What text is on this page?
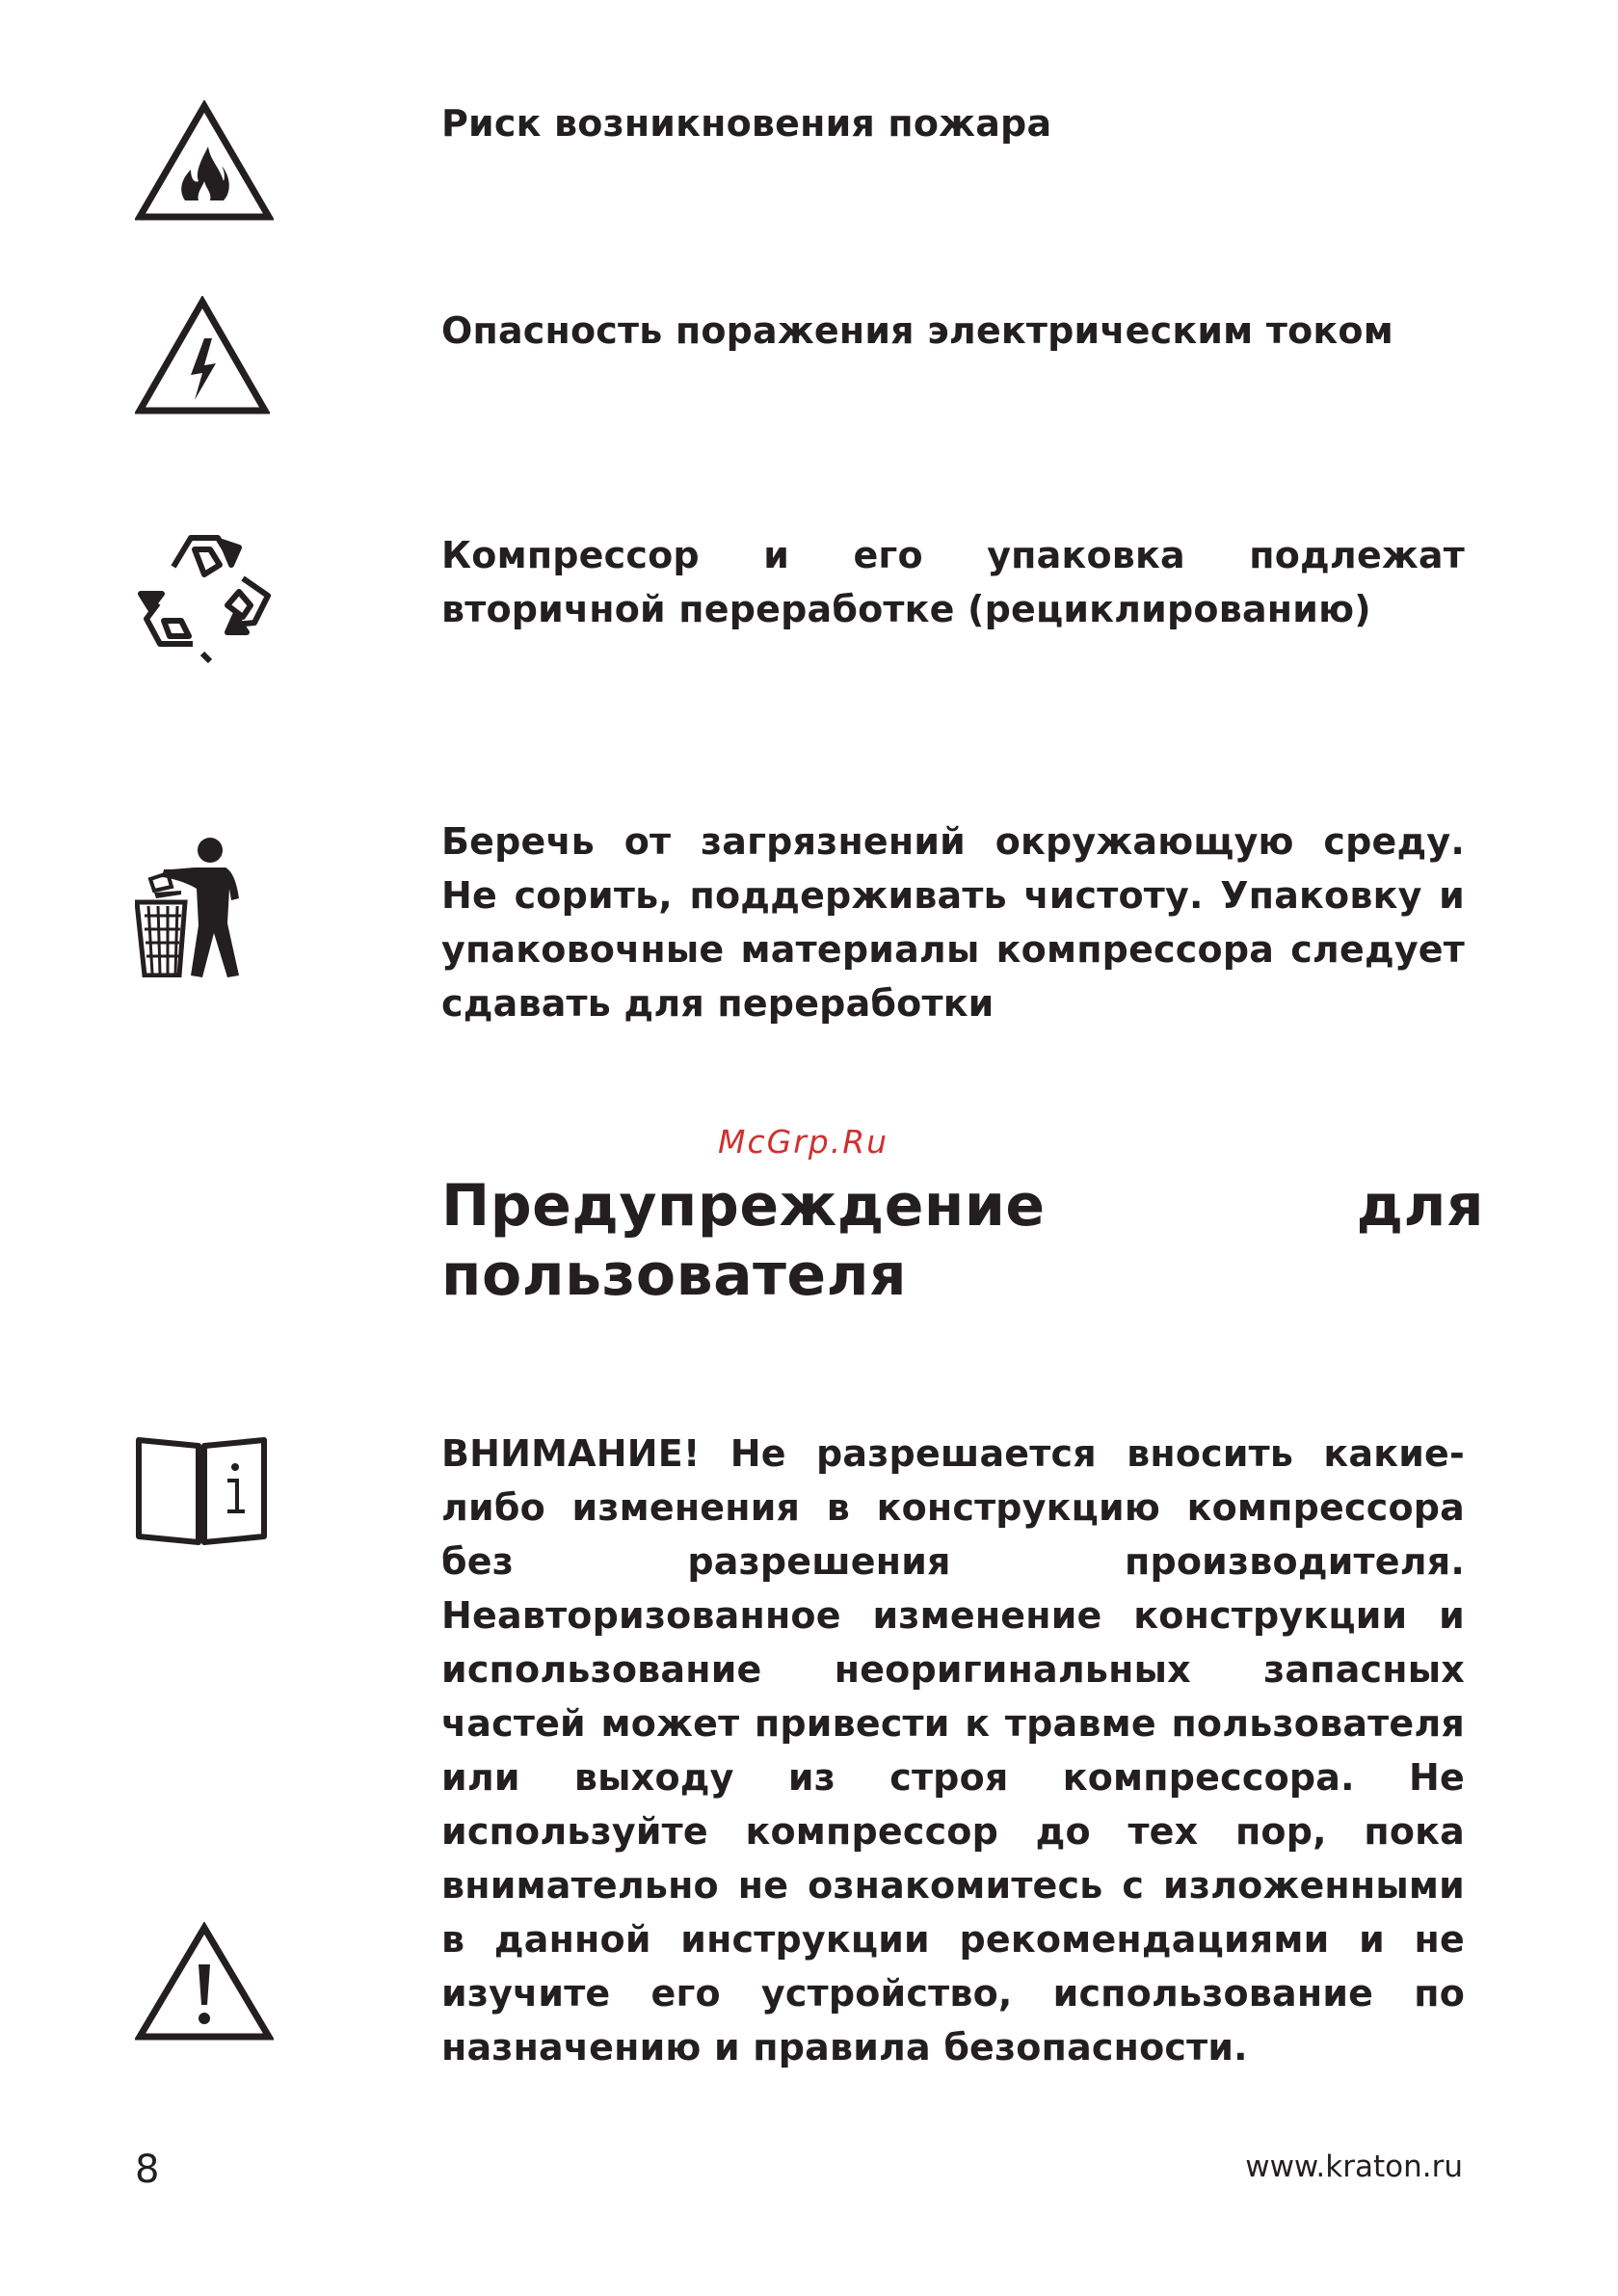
Риск возникновения пожара
Опасность поражения электрическим током
Компрессор и его упаковка подлежат вторичной переработке (рециклированию)
Беречь от загрязнений окружающую среду. Не сорить, поддерживать чистоту. Упаковку и упаковочные материалы компрессора следует сдавать для переработки
McGrp.Ru
Предупреждение для пользователя
ВНИМАНИЕ! Не разрешается вносить какие-либо изменения в конструкцию компрессора без разрешения производителя. Неавторизованное изменение конструкции и использование неоригинальных запасных частей может привести к травме пользователя или выходу из строя компрессора. Не используйте компрессор до тех пор, пока внимательно не ознакомитесь с изложенными в данной инструкции рекомендациями и не изучите его устройство, использование по назначению и правила безопасности.
8	www.kraton.ru
